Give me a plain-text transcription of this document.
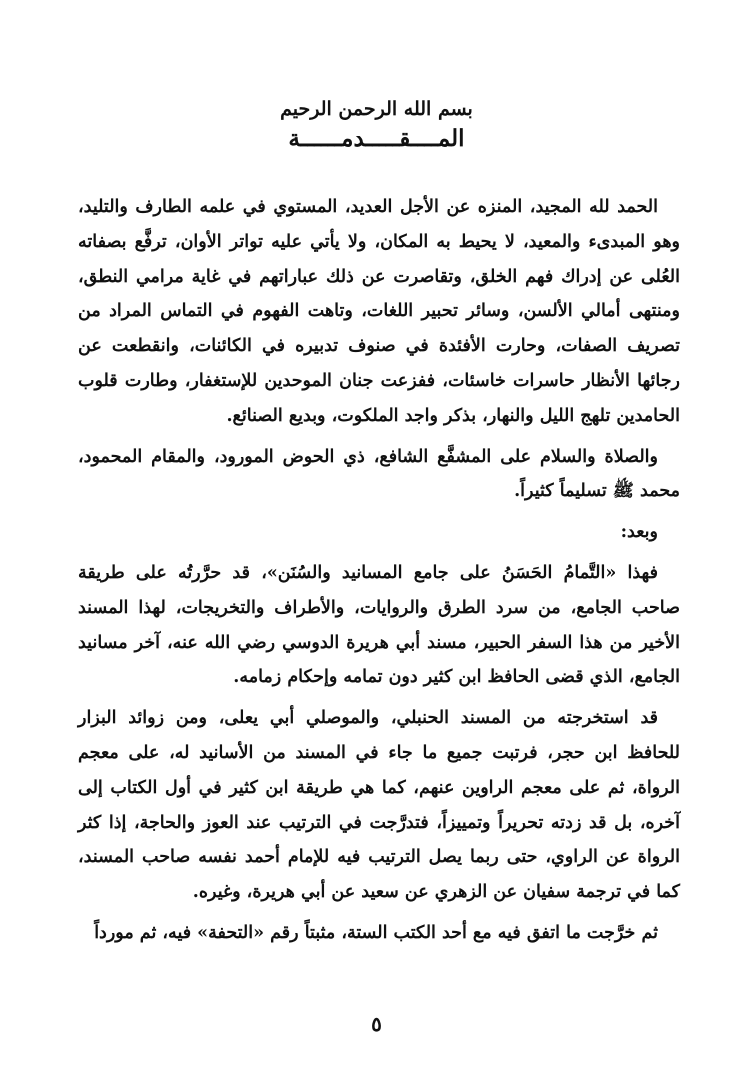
بسم الله الرحمن الرحيم
المــــقـــــدمــــــة

الحمد لله المجيد، المنزه عن الأجل العديد، المستوي في علمه الطارف والتليد، وهو المبدىء والمعيد، لا يحيط به المكان، ولا يأتي عليه تواتر الأوان، ترفَّع بصفاته العُلى عن إدراك فهم الخلق، وتقاصرت عن ذلك عباراتهم في غاية مرامي النطق، ومنتهى أمالي الألسن، وسائر تحبير اللغات، وتاهت الفهوم في التماس المراد من تصريف الصفات، وحارت الأفئدة في صنوف تدبيره في الكائنات، وانقطعت عن رجائها الأنظار حاسرات خاسئات، ففزعت جنان الموحدين للإستغفار، وطارت قلوب الحامدين تلهج الليل والنهار، بذكر واجد الملكوت، وبديع الصنائع.

والصلاة والسلام على المشفَّع الشافع، ذي الحوض المورود، والمقام المحمود، محمد ﷺ تسليماً كثيراً.

وبعد:

فهذا «التَّمامُ الحَسَنُ على جامع المسانيد والسُنَن»، قد حرَّرتُه على طريقة صاحب الجامع، من سرد الطرق والروايات، والأطراف والتخريجات، لهذا المسند الأخير من هذا السفر الحبير، مسند أبي هريرة الدوسي رضي الله عنه، آخر مسانيد الجامع، الذي قضى الحافظ ابن كثير دون تمامه وإحكام زمامه.

قد استخرجته من المسند الحنبلي، والموصلي أبي يعلى، ومن زوائد البزار للحافظ ابن حجر، فرتبت جميع ما جاء في المسند من الأسانيد له، على معجم الرواة، ثم على معجم الراوين عنهم، كما هي طريقة ابن كثير في أول الكتاب إلى آخره، بل قد زدته تحريراً وتمييزاً، فتدرَّجت في الترتيب عند العوز والحاجة، إذا كثر الرواة عن الراوي، حتى ربما يصل الترتيب فيه للإمام أحمد نفسه صاحب المسند، كما في ترجمة سفيان عن الزهري عن سعيد عن أبي هريرة، وغيره.

ثم خرَّجت ما اتفق فيه مع أحد الكتب الستة، مثبتاً رقم «التحفة» فيه، ثم مورداً

٥
